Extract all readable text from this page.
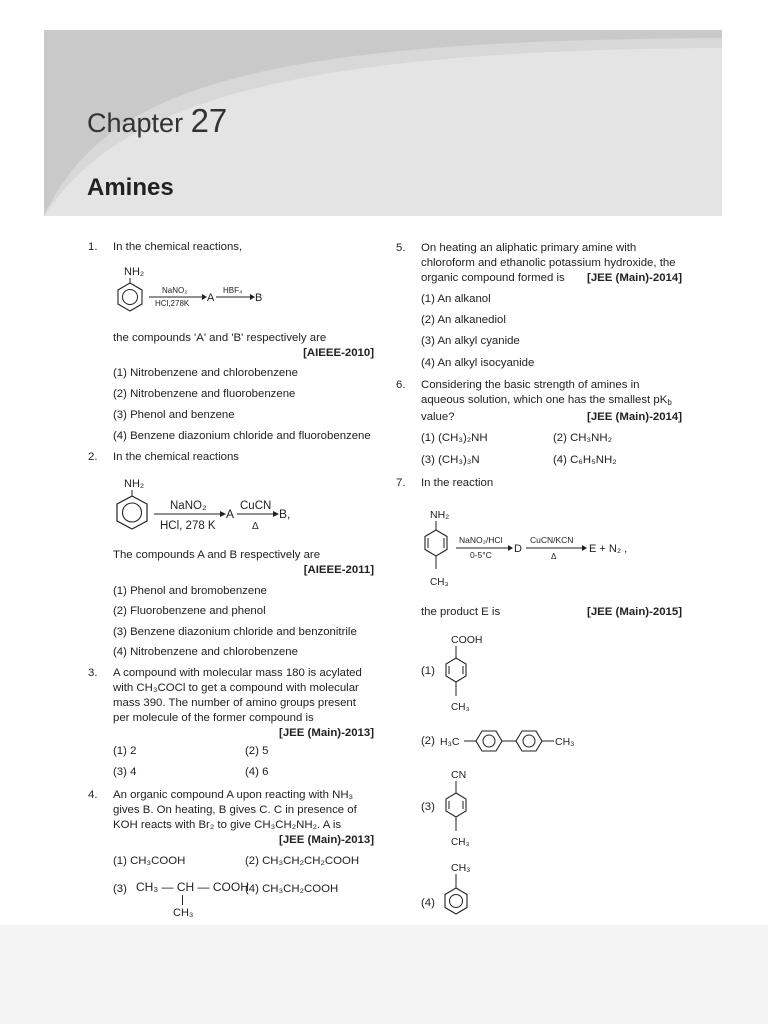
Chapter 27
Amines
1. In the chemical reactions,
NH₂
NaNO₂
HCl,278K A
HBF₄
B
the compounds 'A' and 'B' respectively are
[AIEEE-2010]
(1) Nitrobenzene and chlorobenzene
(2) Nitrobenzene and fluorobenzene
(3) Phenol and benzene
(4) Benzene diazonium chloride and fluorobenzene
2. In the chemical reactions
NH₂
NaNO₂
HCl, 278 K
A
CuCN
Δ
B,
The compounds A and B respectively are
[AIEEE-2011]
(1) Phenol and bromobenzene
(2) Fluorobenzene and phenol
(3) Benzene diazonium chloride and benzonitrile
(4) Nitrobenzene and chlorobenzene
3. A compound with molecular mass 180 is acylated
with CH₃COCl to get a compound with molecular
mass 390. The number of amino groups present
per molecule of the former compound is
[JEE (Main)-2013]
(1) 2	(2) 5
(3) 4	(4) 6
4. An organic compound A upon reacting with NH₃
gives B. On heating, B gives C. C in presence of
KOH reacts with Br₂ to give CH₃CH₂NH₂. A is
[JEE (Main)-2013]
(1) CH₃COOH	(2) CH₃CH₂CH₂COOH
(3) CH₃ — CH — COOH
CH₃
(4) CH₃CH₂COOH
5. On heating an aliphatic primary amine with
chloroform and ethanolic potassium hydroxide, the
organic compound formed is [JEE (Main)-2014]
(1) An alkanol
(2) An alkanediol
(3) An alkyl cyanide
(4) An alkyl isocyanide
6. Considering the basic strength of amines in
aqueous solution, which one has the smallest $pK_b$
value?	[JEE (Main)-2014]
(1) (CH₃)₂NH	(2) CH₃NH₂
(3) (CH₃)₃N	(4) C₆H₅NH₂
7. In the reaction
NH₂
CH₃
NaNO₂/HCl
0-5°C D
CuCN/KCN
Δ
E + N₂ ,
the product E is	[JEE (Main)-2015]
(1)
COOH
CH₃
(2) H₃C	CH₃
(3)
CN
CH₃
(4)
CH₃
